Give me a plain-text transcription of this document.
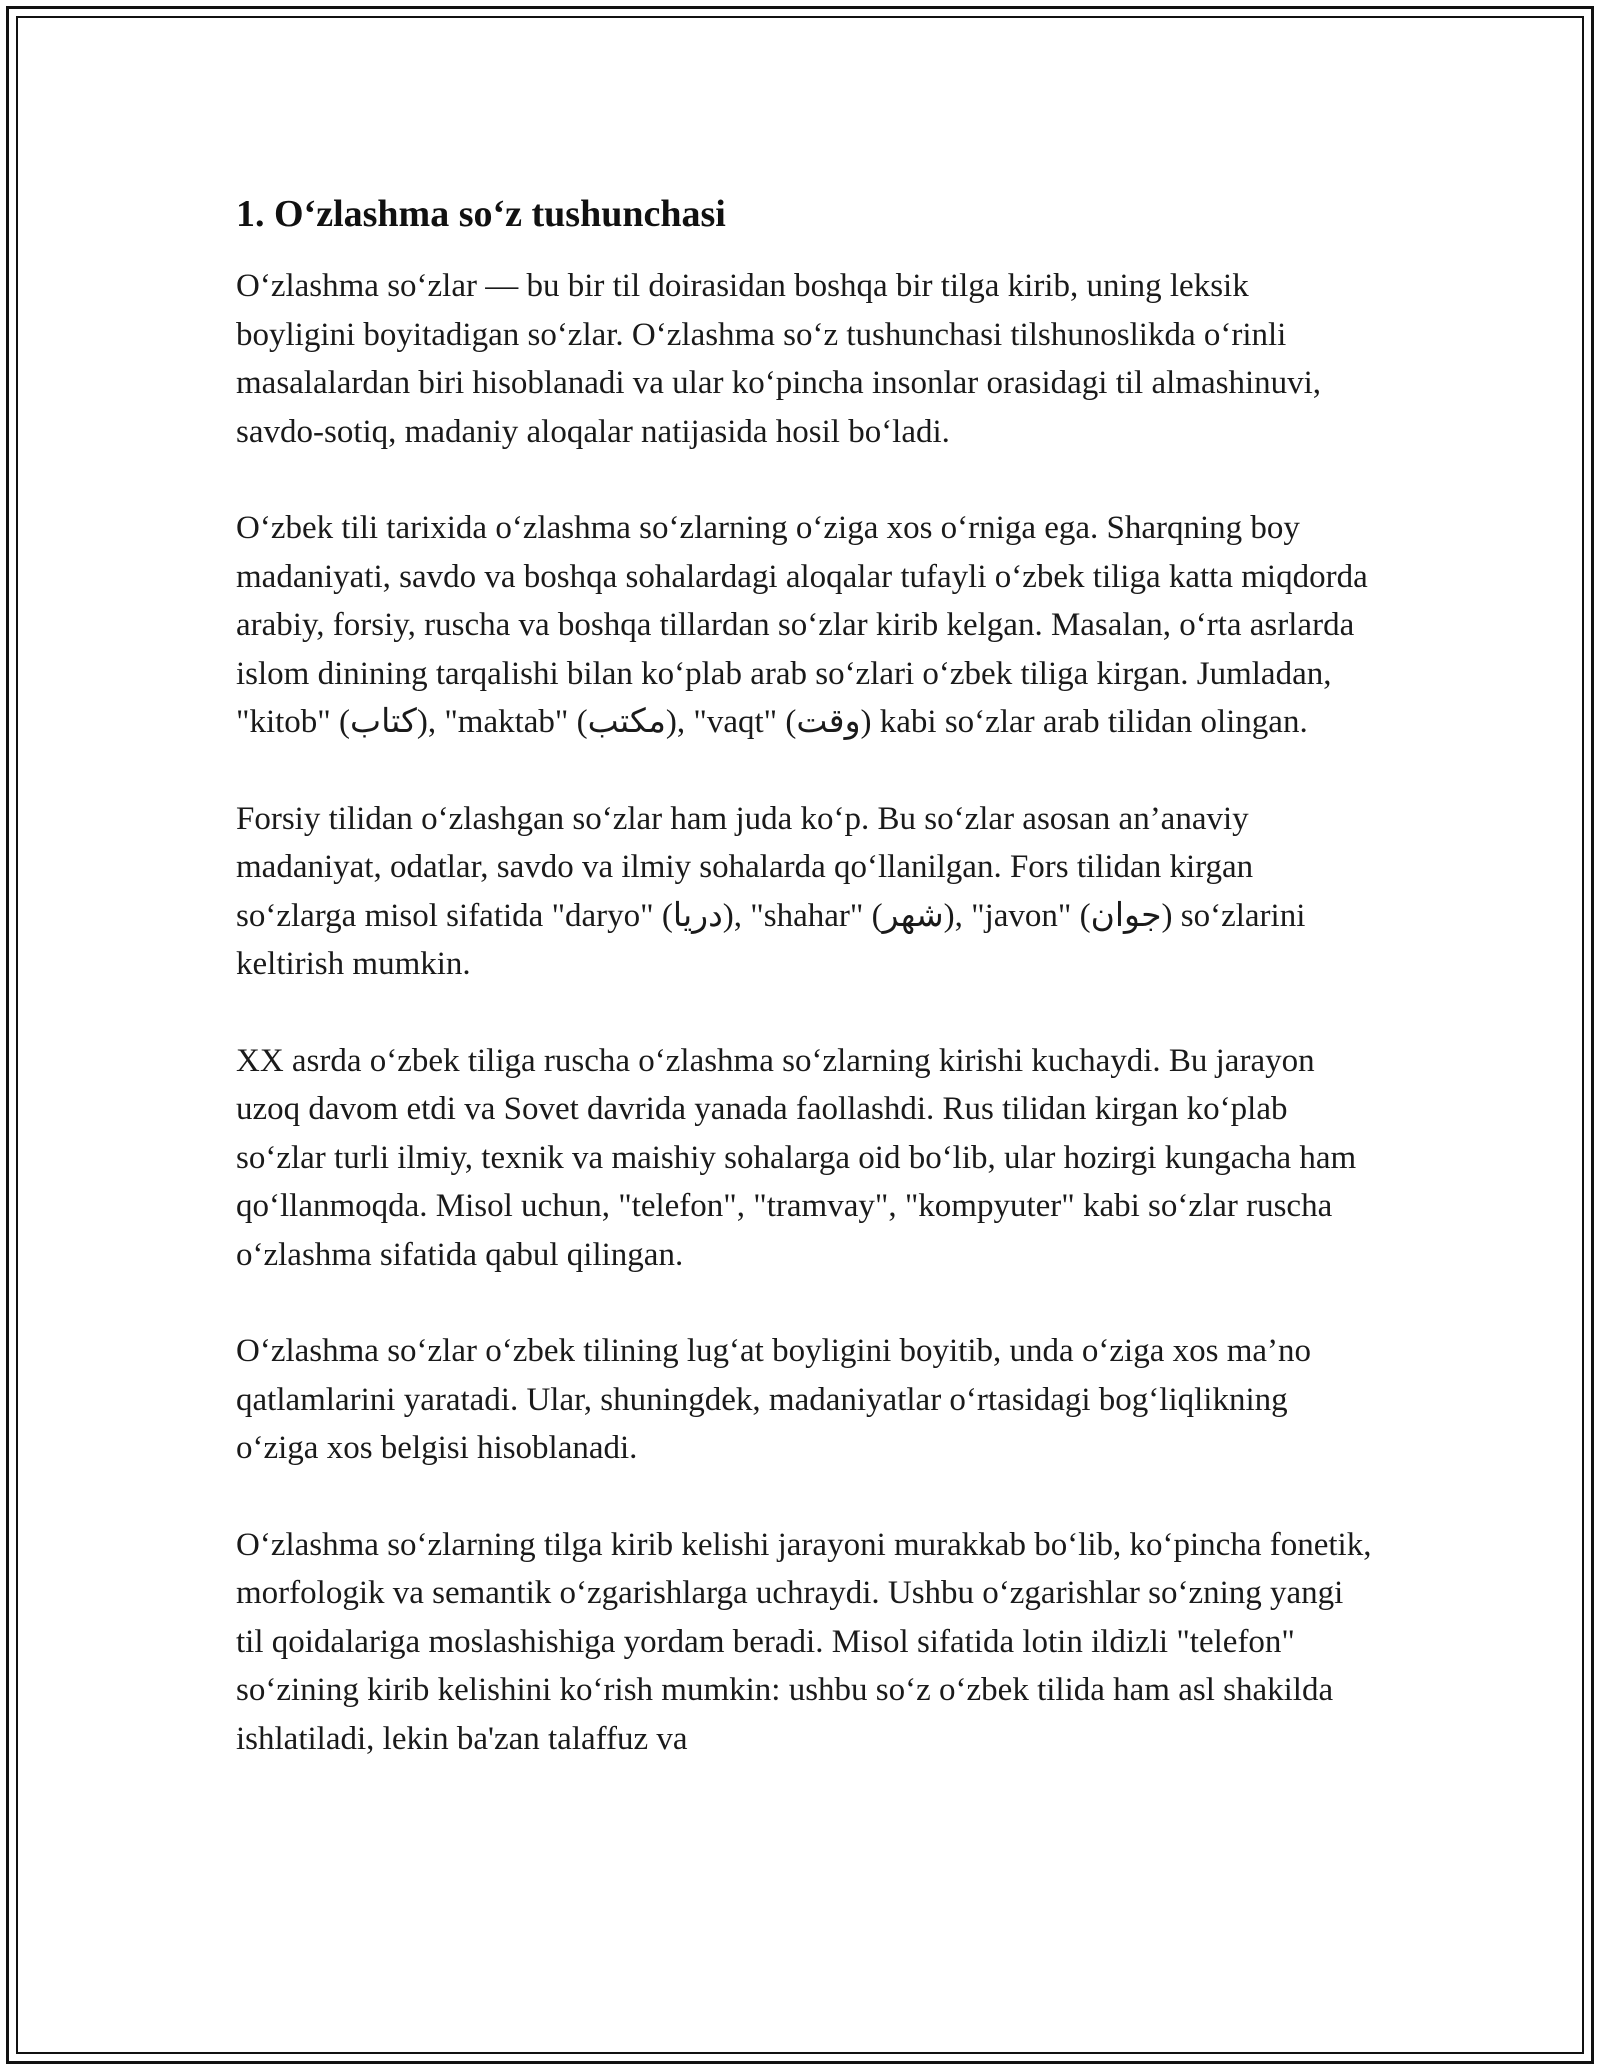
1. O‘zlashma so‘z tushunchasi

O‘zlashma so‘zlar — bu bir til doirasidan boshqa bir tilga kirib, uning leksik boyligini boyitadigan so‘zlar. O‘zlashma so‘z tushunchasi tilshunoslikda o‘rinli masalalardan biri hisoblanadi va ular ko‘pincha insonlar orasidagi til almashinuvi, savdo-sotiq, madaniy aloqalar natijasida hosil bo‘ladi.

O‘zbek tili tarixida o‘zlashma so‘zlarning o‘ziga xos o‘rniga ega. Sharqning boy madaniyati, savdo va boshqa sohalardagi aloqalar tufayli o‘zbek tiliga katta miqdorda arabiy, forsiy, ruscha va boshqa tillardan so‘zlar kirib kelgan. Masalan, o‘rta asrlarda islom dinining tarqalishi bilan ko‘plab arab so‘zlari o‘zbek tiliga kirgan. Jumladan, "kitob" (كتاب), "maktab" (مكتب), "vaqt" (وقت) kabi so‘zlar arab tilidan olingan.

Forsiy tilidan o‘zlashgan so‘zlar ham juda ko‘p. Bu so‘zlar asosan an’anaviy madaniyat, odatlar, savdo va ilmiy sohalarda qo‘llanilgan. Fors tilidan kirgan so‘zlarga misol sifatida "daryo" (دریا), "shahar" (شهر), "javon" (جوان) so‘zlarini keltirish mumkin.

XX asrda o‘zbek tiliga ruscha o‘zlashma so‘zlarning kirishi kuchaydi. Bu jarayon uzoq davom etdi va Sovet davrida yanada faollashdi. Rus tilidan kirgan ko‘plab so‘zlar turli ilmiy, texnik va maishiy sohalarga oid bo‘lib, ular hozirgi kungacha ham qo‘llanmoqda. Misol uchun, "telefon", "tramvay", "kompyuter" kabi so‘zlar ruscha o‘zlashma sifatida qabul qilingan.

O‘zlashma so‘zlar o‘zbek tilining lug‘at boyligini boyitib, unda o‘ziga xos ma’no qatlamlarini yaratadi. Ular, shuningdek, madaniyatlar o‘rtasidagi bog‘liqlikning o‘ziga xos belgisi hisoblanadi.

O‘zlashma so‘zlarning tilga kirib kelishi jarayoni murakkab bo‘lib, ko‘pincha fonetik, morfologik va semantik o‘zgarishlarga uchraydi. Ushbu o‘zgarishlar so‘zning yangi til qoidalariga moslashishiga yordam beradi. Misol sifatida lotin ildizli "telefon" so‘zining kirib kelishini ko‘rish mumkin: ushbu so‘z o‘zbek tilida ham asl shakilda ishlatiladi, lekin ba'zan talaffuz va
